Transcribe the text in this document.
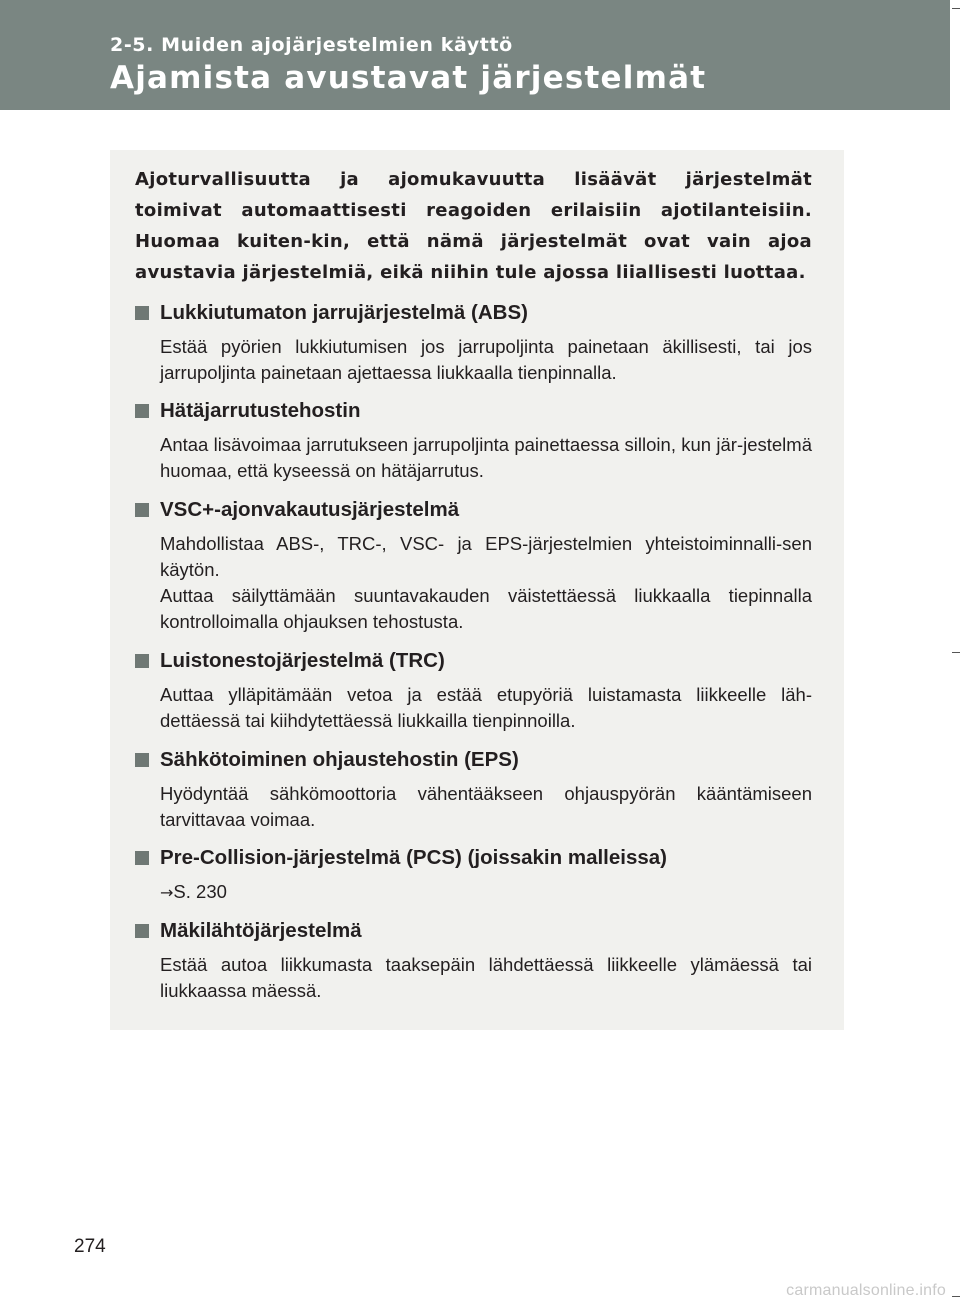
2-5. Muiden ajojärjestelmien käyttö
Ajamista avustavat järjestelmät
Ajoturvallisuutta ja ajomukavuutta lisäävät järjestelmät toimivat automaattisesti reagoiden erilaisiin ajotilanteisiin. Huomaa kuiten-kin, että nämä järjestelmät ovat vain ajoa avustavia järjestelmiä, eikä niihin tule ajossa liiallisesti luottaa.
Lukkiutumaton jarrujärjestelmä (ABS)

Estää pyörien lukkiutumisen jos jarrupoljinta painetaan äkillisesti, tai jos jarrupoljinta painetaan ajettaessa liukkaalla tienpinnalla.

Hätäjarrutustehostin

Antaa lisävoimaa jarrutukseen jarrupoljinta painettaessa silloin, kun jär-jestelmä huomaa, että kyseessä on hätäjarrutus.

VSC+-ajonvakautusjärjestelmä

Mahdollistaa ABS-, TRC-, VSC- ja EPS-järjestelmien yhteistoiminnalli-sen käytön.

Auttaa säilyttämään suuntavakauden väistettäessä liukkaalla tiepinnalla kontrolloimalla ohjauksen tehostusta.

Luistonestojärjestelmä (TRC)

Auttaa ylläpitämään vetoa ja estää etupyöriä luistamasta liikkeelle läh-dettäessä tai kiihdytettäessä liukkailla tienpinnoilla.

Sähkötoiminen ohjaustehostin (EPS)

Hyödyntää sähkömoottoria vähentääkseen ohjauspyörän kääntämiseen tarvittavaa voimaa.

Pre-Collision-järjestelmä (PCS) (joissakin malleissa)

→S. 230

Mäkilähtöjärjestelmä

Estää autoa liikkumasta taaksepäin lähdettäessä liikkeelle ylämäessä tai liukkaassa mäessä.

274
carmanualsonline.info
